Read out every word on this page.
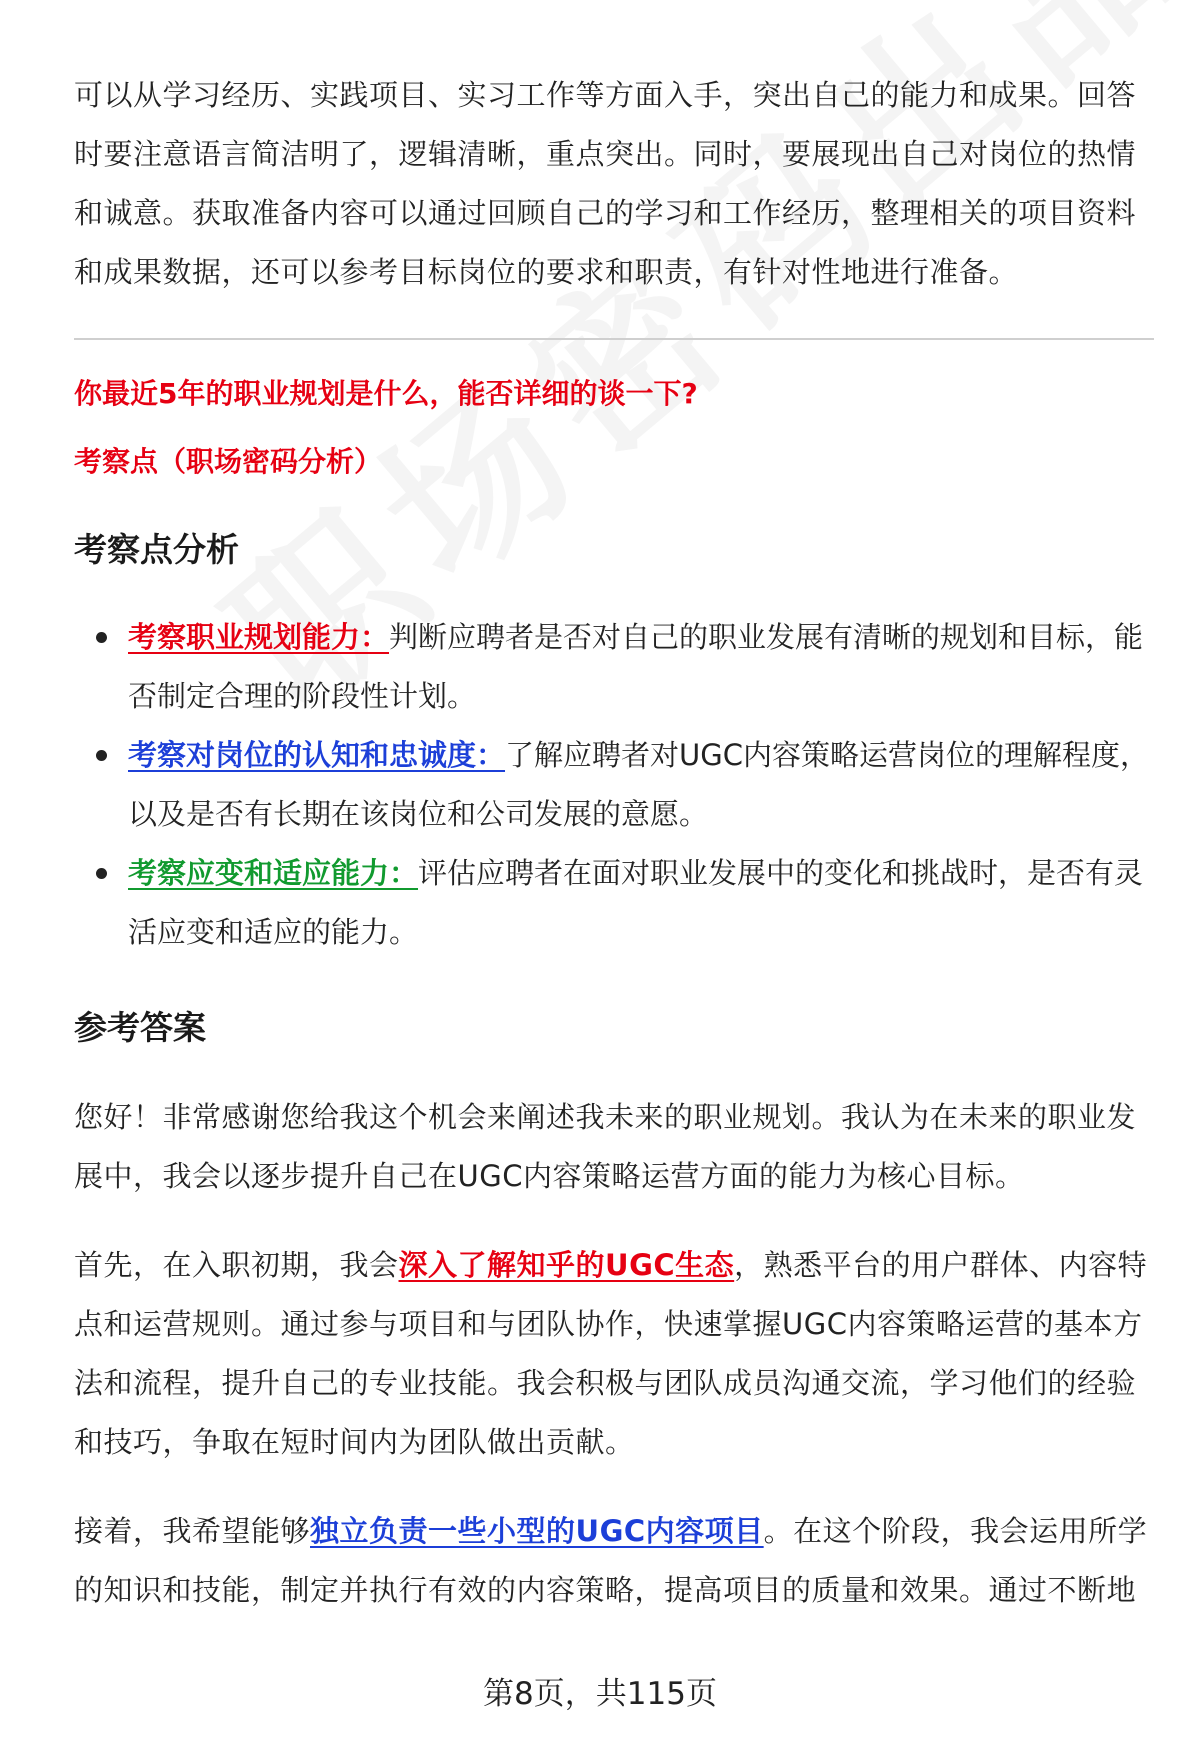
可以从学习经历、实践项目、实习工作等方面入手，突出自己的能力和成果。回答时要注意语言简洁明了，逻辑清晰，重点突出。同时，要展现出自己对岗位的热情和诚意。获取准备内容可以通过回顾自己的学习和工作经历，整理相关的项目资料和成果数据，还可以参考目标岗位的要求和职责，有针对性地进行准备。

你最近5年的职业规划是什么，能否详细的谈一下?

考察点（职场密码分析）

考察点分析
考察职业规划能力：判断应聘者是否对自己的职业发展有清晰的规划和目标，能否制定合理的阶段性计划。
考察对岗位的认知和忠诚度：了解应聘者对UGC内容策略运营岗位的理解程度，以及是否有长期在该岗位和公司发展的意愿。
考察应变和适应能力：评估应聘者在面对职业发展中的变化和挑战时，是否有灵活应变和适应的能力。
参考答案

您好！非常感谢您给我这个机会来阐述我未来的职业规划。我认为在未来的职业发展中，我会以逐步提升自己在UGC内容策略运营方面的能力为核心目标。

首先，在入职初期，我会深入了解知乎的UGC生态，熟悉平台的用户群体、内容特点和运营规则。通过参与项目和与团队协作，快速掌握UGC内容策略运营的基本方法和流程，提升自己的专业技能。我会积极与团队成员沟通交流，学习他们的经验和技巧，争取在短时间内为团队做出贡献。

接着，我希望能够独立负责一些小型的UGC内容项目。在这个阶段，我会运用所学的知识和技能，制定并执行有效的内容策略，提高项目的质量和效果。通过不断地

第8页，共115页
